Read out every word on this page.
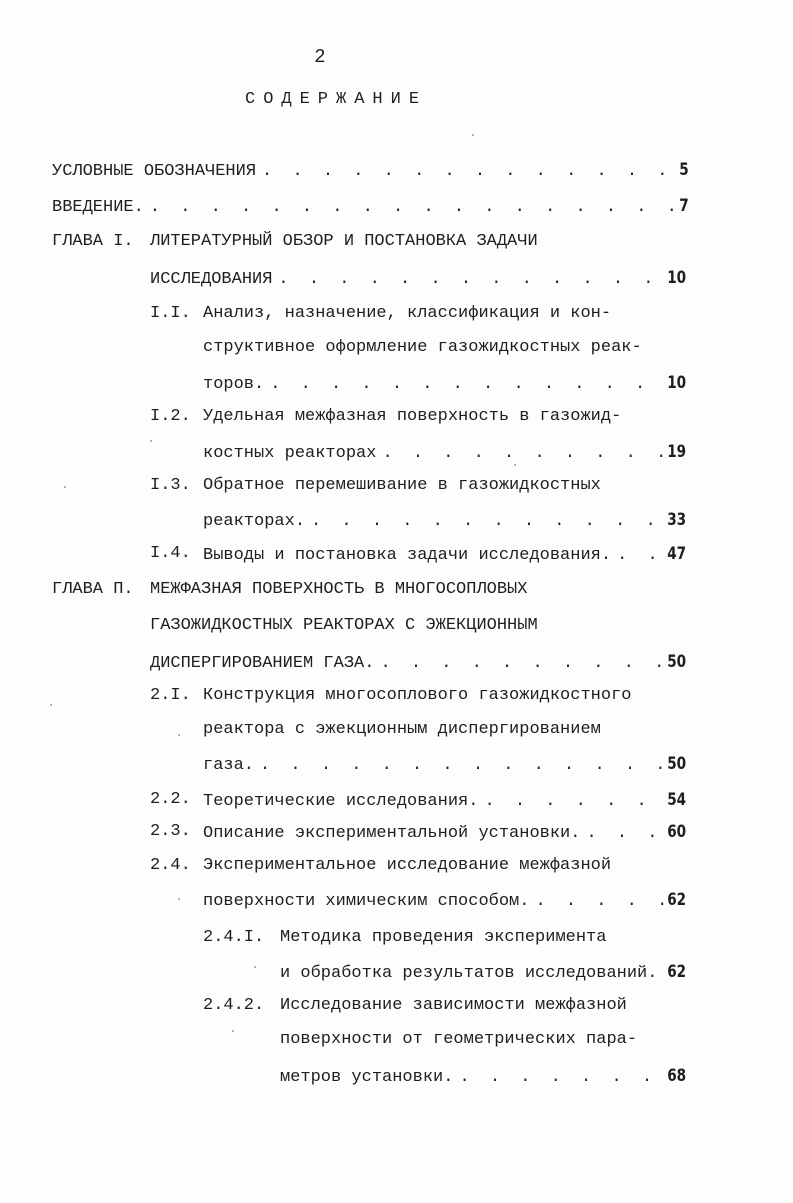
2
СОДЕРЖАНИЕ
УСЛОВНЫЕ ОБОЗНАЧЕНИЯ . . .	5
ВВЕДЕНИЕ. . . .	7
ГЛАВА I. ЛИТЕРАТУРНЫЙ ОБЗОР И ПОСТАНОВКА ЗАДАЧИ
ИССЛЕДОВАНИЯ . . .	10
I.I. Анализ, назначение, классификация и кон-
структивное оформление газожидкостных реак-
торов. . . .	10
I.2. Удельная межфазная поверхность в газожид-
костных реакторах . . .	19
I.3. Обратное перемешивание в газожидкостных
реакторах. . . .	33
I.4. Выводы и постановка задачи исследования. . . .	47
ГЛАВА П. МЕЖФАЗНАЯ ПОВЕРХНОСТЬ В МНОГОСОПЛОВЫХ
ГАЗОЖИДКОСТНЫХ РЕАКТОРАХ С ЭЖЕКЦИОННЫМ
ДИСПЕРГИРОВАНИЕМ ГАЗА. . . .	50
2.I. Конструкция многосоплового газожидкостного
реактора с эжекционным диспергированием
газа. . . .	50
2.2. Теоретические исследования. . . .	54
2.3. Описание экспериментальной установки. . . .	60
2.4. Экспериментальное исследование межфазной
поверхности химическим способом. . . .	62
2.4.I. Методика проведения эксперимента
и обработка результатов исследований. . . . 62
2.4.2. Исследование зависимости межфазной
поверхности от геометрических пара-
метров установки. . . .	68
